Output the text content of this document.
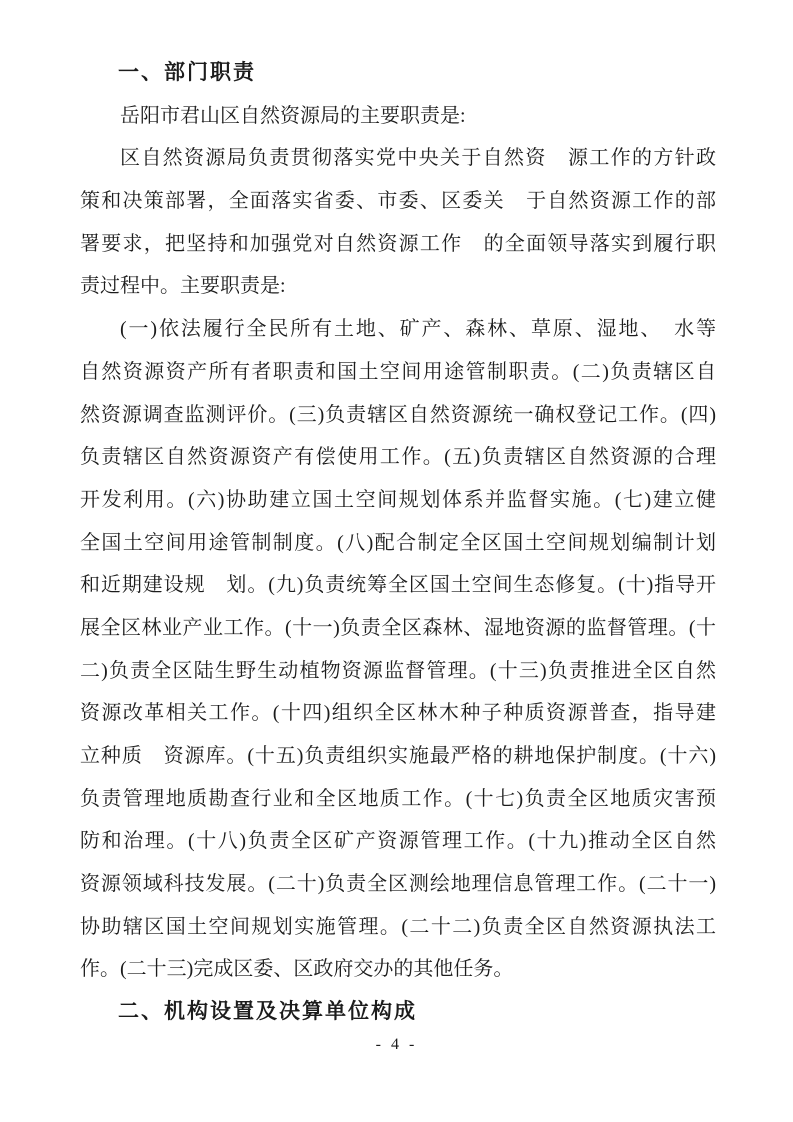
一、部门职责
岳阳市君山区自然资源局的主要职责是:
区自然资源局负责贯彻落实党中央关于自然资　源工作的方针政
策和决策部署，全面落实省委、市委、区委关　于自然资源工作的部
署要求，把坚持和加强党对自然资源工作　的全面领导落实到履行职
责过程中。主要职责是:
(一)依法履行全民所有土地、矿产、森林、草原、湿地、　水等
自然资源资产所有者职责和国土空间用途管制职责。(二)负责辖区自
然资源调查监测评价。(三)负责辖区自然资源统一确权登记工作。(四)
负责辖区自然资源资产有偿使用工作。(五)负责辖区自然资源的合理
开发利用。(六)协助建立国土空间规划体系并监督实施。(七)建立健
全国土空间用途管制制度。(八)配合制定全区国土空间规划编制计划
和近期建设规　划。(九)负责统筹全区国土空间生态修复。(十)指导开
展全区林业产业工作。(十一)负责全区森林、湿地资源的监督管理。(十
二)负责全区陆生野生动植物资源监督管理。(十三)负责推进全区自然
资源改革相关工作。(十四)组织全区林木种子种质资源普查，指导建
立种质　资源库。(十五)负责组织实施最严格的耕地保护制度。(十六)
负责管理地质勘查行业和全区地质工作。(十七)负责全区地质灾害预
防和治理。(十八)负责全区矿产资源管理工作。(十九)推动全区自然
资源领域科技发展。(二十)负责全区测绘地理信息管理工作。(二十一)
协助辖区国土空间规划实施管理。(二十二)负责全区自然资源执法工
作。(二十三)完成区委、区政府交办的其他任务。
二、机构设置及决算单位构成
- 4 -
